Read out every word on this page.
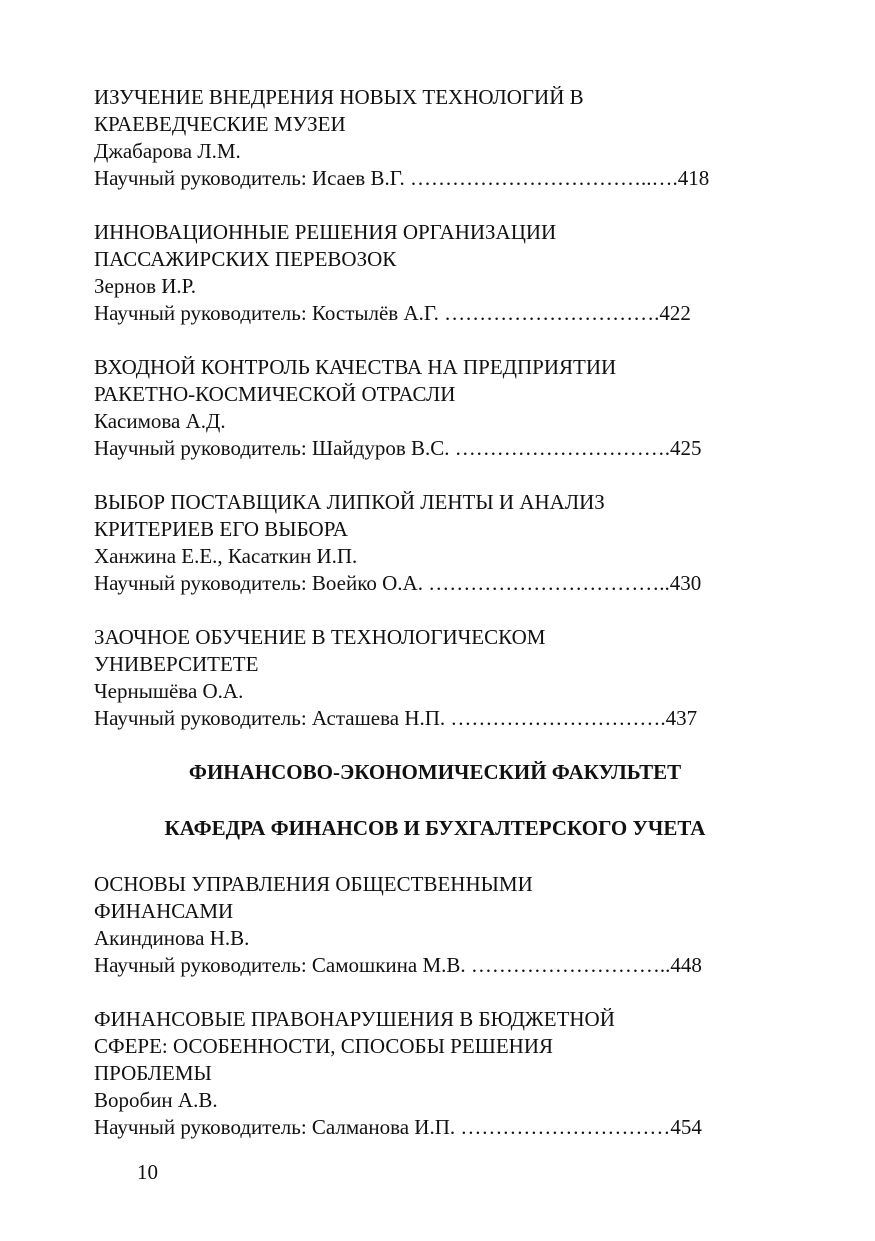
ИЗУЧЕНИЕ ВНЕДРЕНИЯ НОВЫХ ТЕХНОЛОГИЙ В
КРАЕВЕДЧЕСКИЕ МУЗЕИ
Джабарова Л.М.
Научный руководитель: Исаев В.Г. ……………………………..….418
ИННОВАЦИОННЫЕ РЕШЕНИЯ ОРГАНИЗАЦИИ
ПАССАЖИРСКИХ ПЕРЕВОЗОК
Зернов И.Р.
Научный руководитель: Костылёв А.Г. ………………………….422
ВХОДНОЙ КОНТРОЛЬ КАЧЕСТВА НА ПРЕДПРИЯТИИ
РАКЕТНО-КОСМИЧЕСКОЙ ОТРАСЛИ
Касимова А.Д.
Научный руководитель: Шайдуров В.С. ………………………….425
ВЫБОР ПОСТАВЩИКА ЛИПКОЙ ЛЕНТЫ И АНАЛИЗ
КРИТЕРИЕВ ЕГО ВЫБОРА
Ханжина Е.Е., Касаткин И.П.
Научный руководитель: Воейко О.А. ……………………………..430
ЗАОЧНОЕ ОБУЧЕНИЕ В ТЕХНОЛОГИЧЕСКОМ
УНИВЕРСИТЕТЕ
Чернышёва О.А.
Научный руководитель: Асташева Н.П. ………………………….437
ФИНАНСОВО-ЭКОНОМИЧЕСКИЙ ФАКУЛЬТЕТ
КАФЕДРА ФИНАНСОВ И БУХГАЛТЕРСКОГО УЧЕТА
ОСНОВЫ УПРАВЛЕНИЯ ОБЩЕСТВЕННЫМИ
ФИНАНСАМИ
Акиндинова Н.В.
Научный руководитель: Самошкина М.В. ………………………..448
ФИНАНСОВЫЕ ПРАВОНАРУШЕНИЯ В БЮДЖЕТНОЙ
СФЕРЕ: ОСОБЕННОСТИ, СПОСОБЫ РЕШЕНИЯ
ПРОБЛЕМЫ
Воробин А.В.
Научный руководитель: Салманова И.П. …………………………454
10
